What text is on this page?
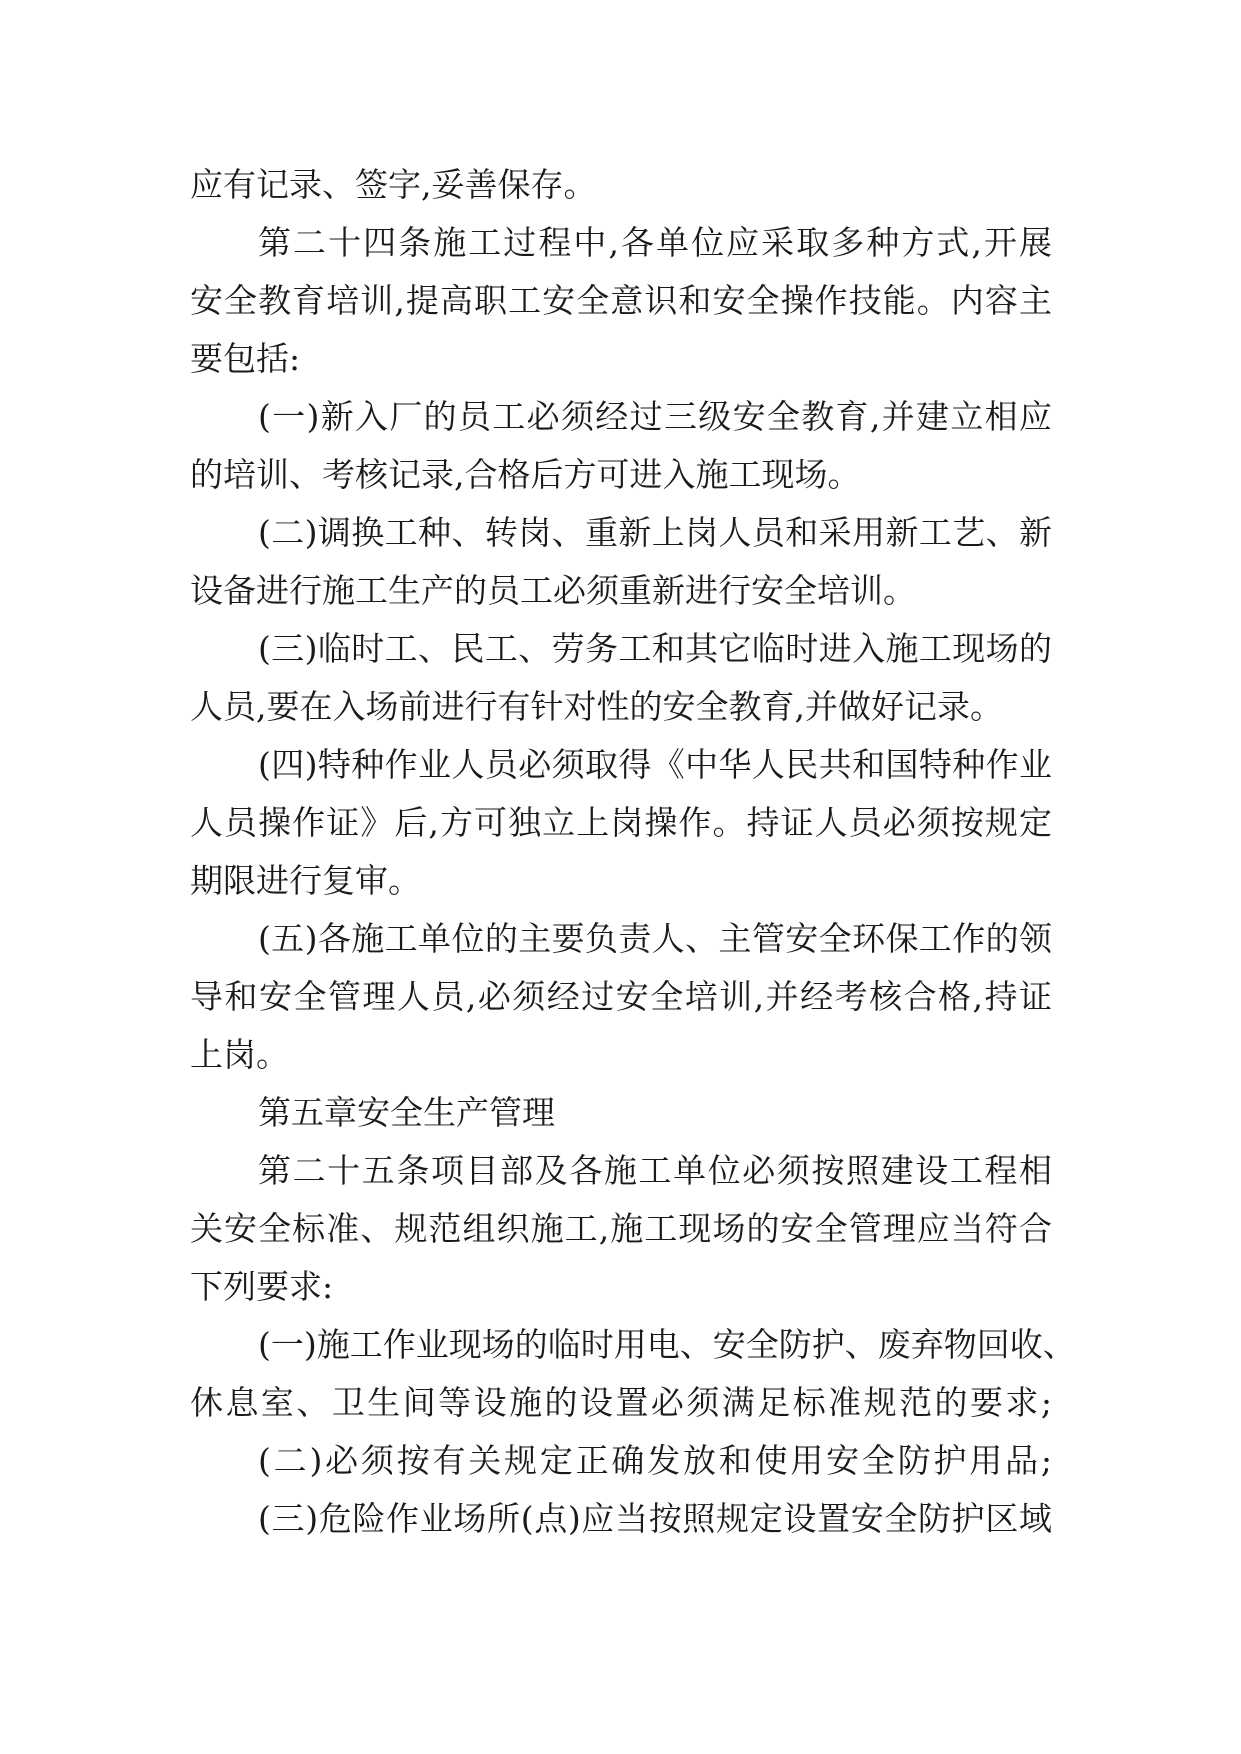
应有记录、签字,妥善保存。
第二十四条施工过程中,各单位应采取多种方式,开展
安全教育培训,提高职工安全意识和安全操作技能。内容主
要包括:
(一)新入厂的员工必须经过三级安全教育,并建立相应
的培训、考核记录,合格后方可进入施工现场。
(二)调换工种、转岗、重新上岗人员和采用新工艺、新
设备进行施工生产的员工必须重新进行安全培训。
(三)临时工、民工、劳务工和其它临时进入施工现场的
人员,要在入场前进行有针对性的安全教育,并做好记录。
(四)特种作业人员必须取得《中华人民共和国特种作业
人员操作证》后,方可独立上岗操作。持证人员必须按规定
期限进行复审。
(五)各施工单位的主要负责人、主管安全环保工作的领
导和安全管理人员,必须经过安全培训,并经考核合格,持证
上岗。
第五章安全生产管理
第二十五条项目部及各施工单位必须按照建设工程相
关安全标准、规范组织施工,施工现场的安全管理应当符合
下列要求:
(一)施工作业现场的临时用电、安全防护、废弃物回收、
休息室、卫生间等设施的设置必须满足标准规范的要求;
(二)必须按有关规定正确发放和使用安全防护用品;
(三)危险作业场所(点)应当按照规定设置安全防护区域
